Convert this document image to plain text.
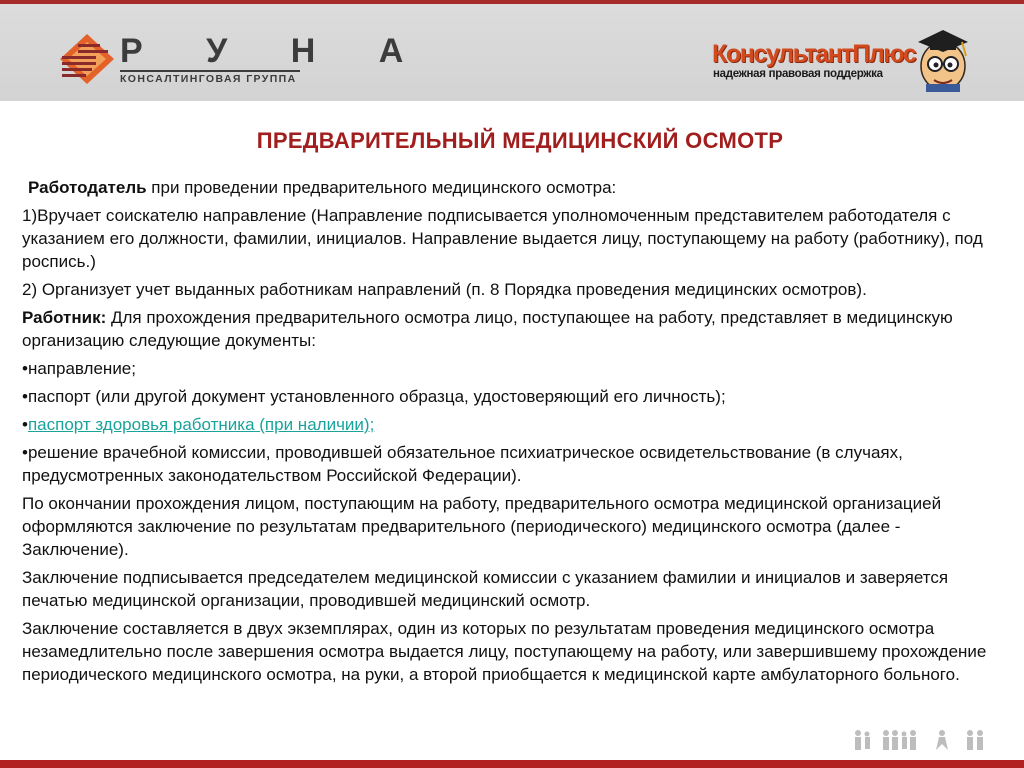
Р У Н А
КОНСАЛТИНГОВАЯ ГРУППА
КонсультантПлюс
надежная правовая поддержка
ПРЕДВАРИТЕЛЬНЫЙ МЕДИЦИНСКИЙ ОСМОТР

Работодатель при проведении предварительного медицинского осмотра:

1)Вручает соискателю направление (Направление подписывается уполномоченным представителем работодателя с указанием его должности, фамилии, инициалов. Направление выдается лицу, поступающему на работу (работнику), под роспись.)

2) Организует учет выданных работникам направлений (п. 8 Порядка проведения медицинских осмотров).

Работник: Для прохождения предварительного осмотра лицо, поступающее на работу, представляет в медицинскую организацию следующие документы:

•направление;

•паспорт (или другой документ установленного образца, удостоверяющий его личность);

•паспорт здоровья работника (при наличии);

•решение врачебной комиссии, проводившей обязательное психиатрическое освидетельствование (в случаях, предусмотренных законодательством Российской Федерации).

По окончании прохождения лицом, поступающим на работу, предварительного осмотра медицинской организацией оформляются заключение по результатам предварительного (периодического) медицинского осмотра (далее - Заключение).

Заключение подписывается председателем медицинской комиссии с указанием фамилии и инициалов и заверяется печатью медицинской организации, проводившей медицинский осмотр.

Заключение составляется в двух экземплярах, один из которых по результатам проведения медицинского осмотра незамедлительно после завершения осмотра выдается лицу, поступающему на работу, или завершившему прохождение периодического медицинского осмотра, на руки, а второй приобщается к медицинской карте амбулаторного больного.
